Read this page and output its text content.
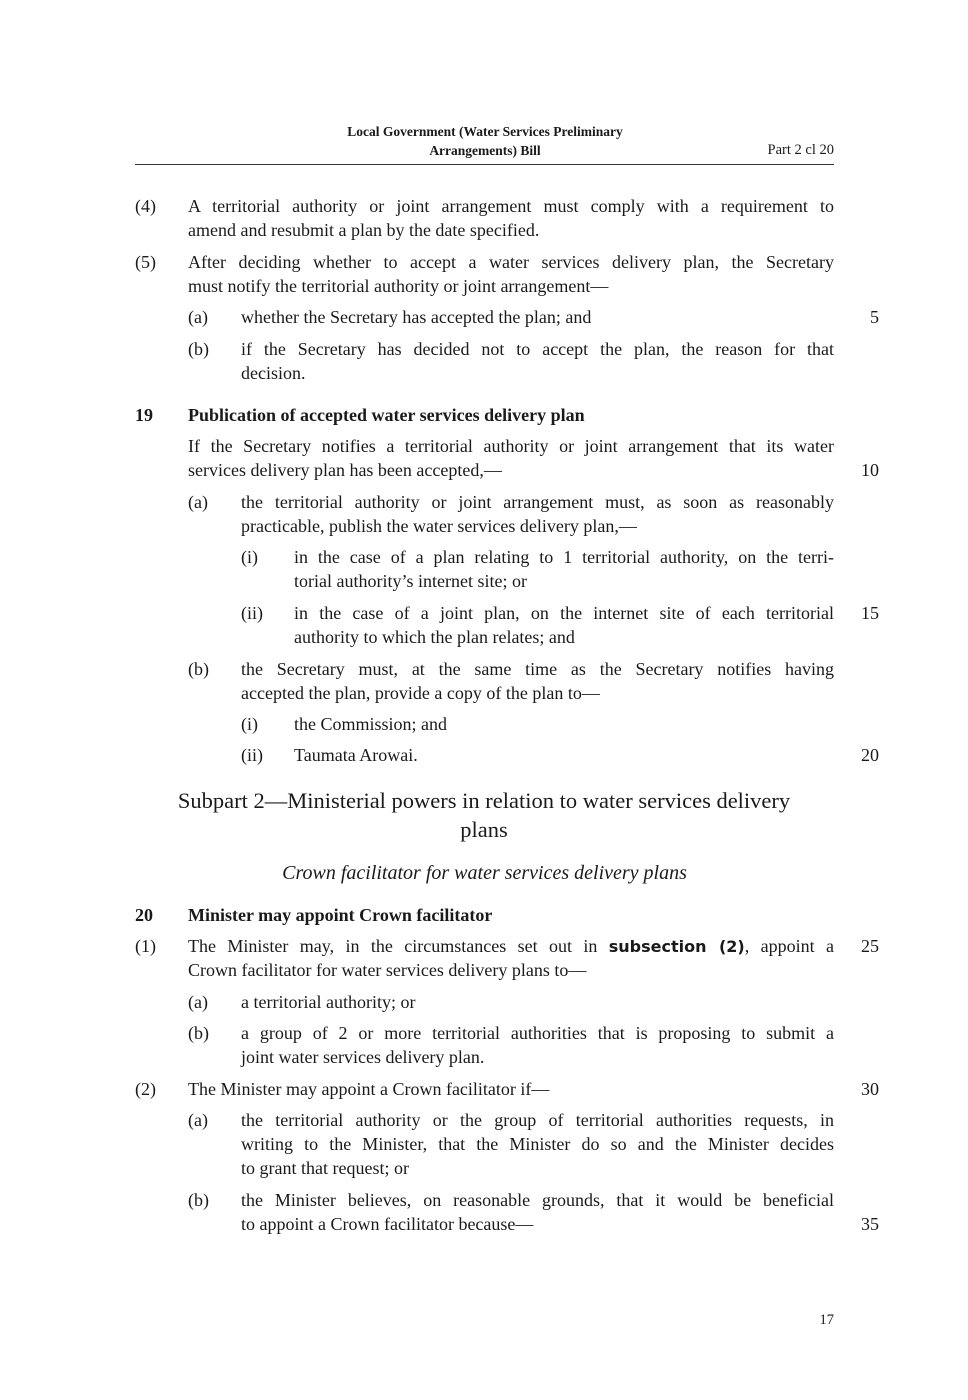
Local Government (Water Services Preliminary
Arrangements) Bill	Part 2 cl 20
(4) A territorial authority or joint arrangement must comply with a requirement to
amend and resubmit a plan by the date specified.
(5) After deciding whether to accept a water services delivery plan, the Secretary
must notify the territorial authority or joint arrangement—
(a) whether the Secretary has accepted the plan; and	5
(b) if the Secretary has decided not to accept the plan, the reason for that
decision.
19 Publication of accepted water services delivery plan
If the Secretary notifies a territorial authority or joint arrangement that its water
services delivery plan has been accepted,—	10
(a) the territorial authority or joint arrangement must, as soon as reasonably
practicable, publish the water services delivery plan,—
(i) in the case of a plan relating to 1 territorial authority, on the terri-
torial authority’s internet site; or
(ii) in the case of a joint plan, on the internet site of each territorial
authority to which the plan relates; and
15
(b) the Secretary must, at the same time as the Secretary notifies having
accepted the plan, provide a copy of the plan to—
(i) the Commission; and
(ii) Taumata Arowai.	20
Subpart 2—Ministerial powers in relation to water services delivery
plans
Crown facilitator for water services delivery plans
20 Minister may appoint Crown facilitator
(1) The Minister may, in the circumstances set out in subsection (2), appoint a
Crown facilitator for water services delivery plans to—
25
(a) a territorial authority; or
(b) a group of 2 or more territorial authorities that is proposing to submit a
joint water services delivery plan.
(2) The Minister may appoint a Crown facilitator if—	30
(a) the territorial authority or the group of territorial authorities requests, in
writing to the Minister, that the Minister do so and the Minister decides
to grant that request; or
(b) the Minister believes, on reasonable grounds, that it would be beneficial
to appoint a Crown facilitator because—	35
17
